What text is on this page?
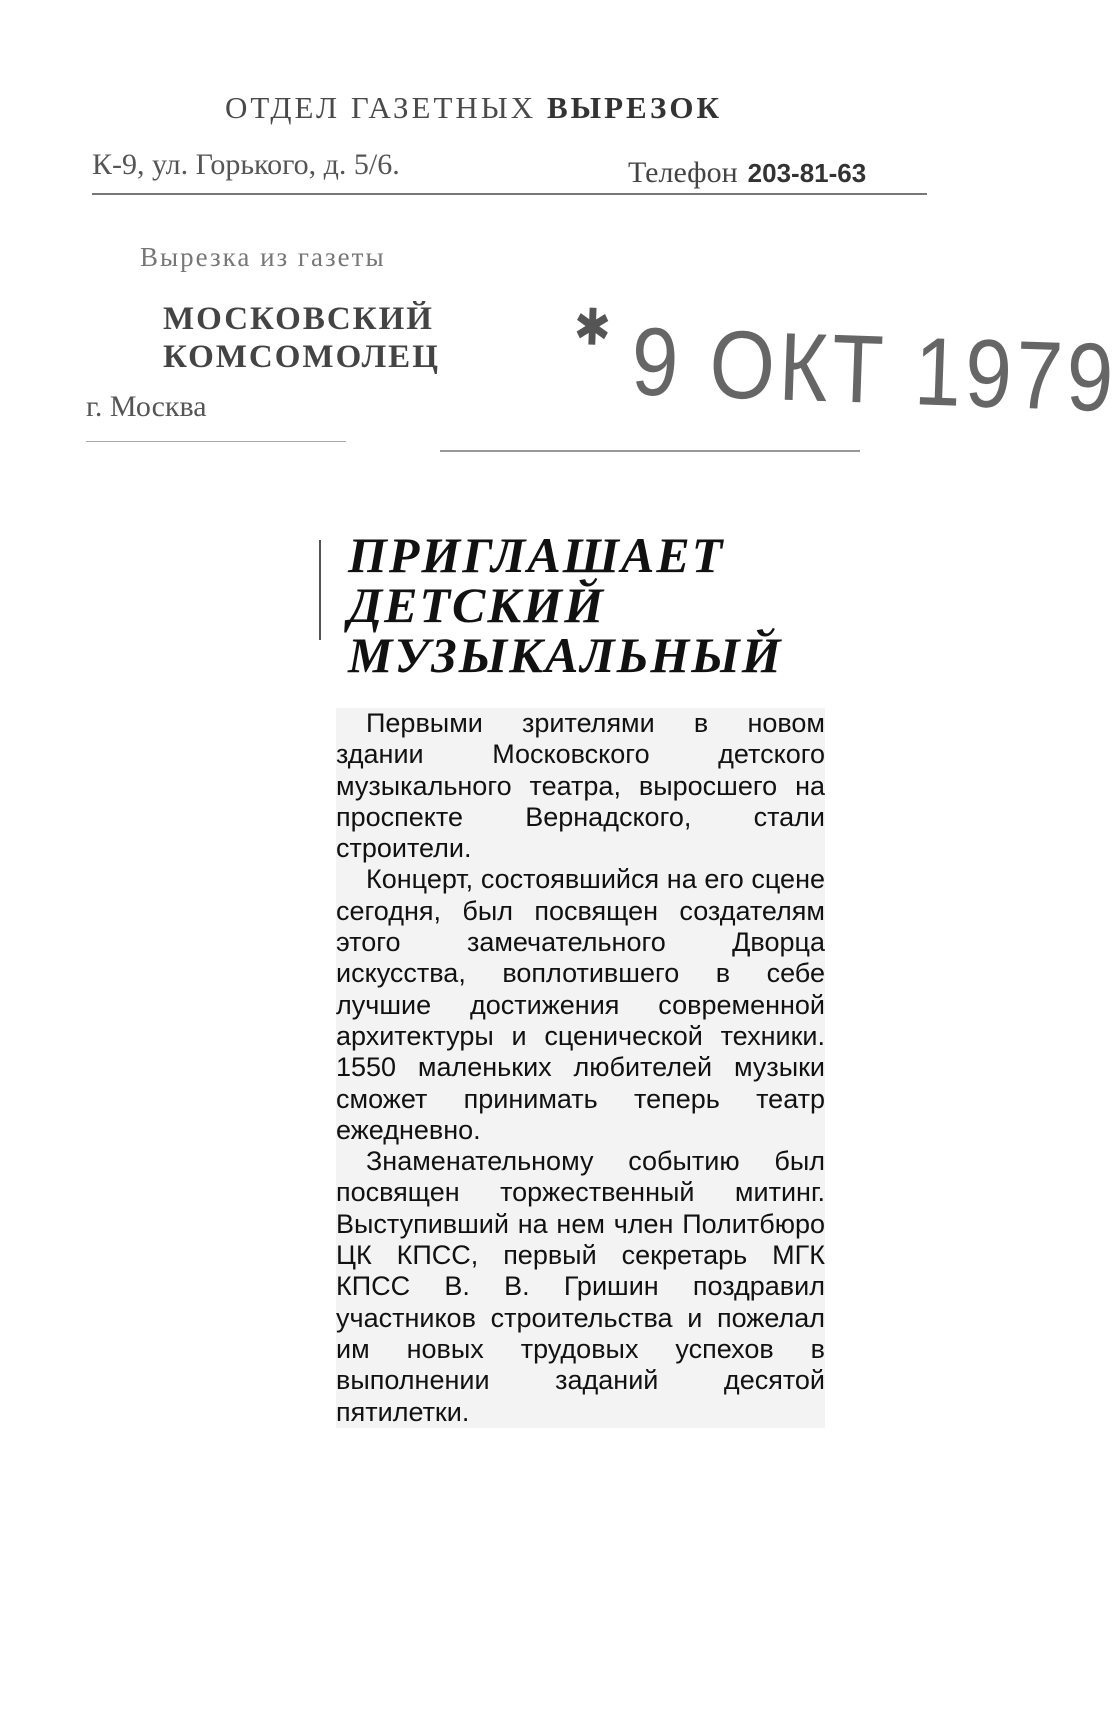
ОТДЕЛ ГАЗЕТНЫХ ВЫРЕЗОК
К-9, ул. Горького, д. 5/6.	Телефон 203-81-63
Вырезка из газеты
МОСКОВСКИЙ
КОМСОМОЛЕЦ
г. Москва
✱ 9 ОКТ 1979
ПРИГЛАШАЕТ
ДЕТСКИЙ
МУЗЫКАЛЬНЫЙ

Первыми зрителями в новом здании Московского детского музыкального театра, выросшего на проспекте Вернадского, стали строители.

Концерт, состоявшийся на его сцене сегодня, был посвящен создателям этого замечательного Дворца искусства, воплотившего в себе лучшие достижения современной архитектуры и сценической техники. 1550 маленьких любителей музыки сможет принимать теперь театр ежедневно.

Знаменательному событию был посвящен торжественный митинг. Выступивший на нем член Политбюро ЦК КПСС, первый секретарь МГК КПСС В. В. Гришин поздравил участников строительства и пожелал им новых трудовых успехов в выполнении заданий десятой пятилетки.
